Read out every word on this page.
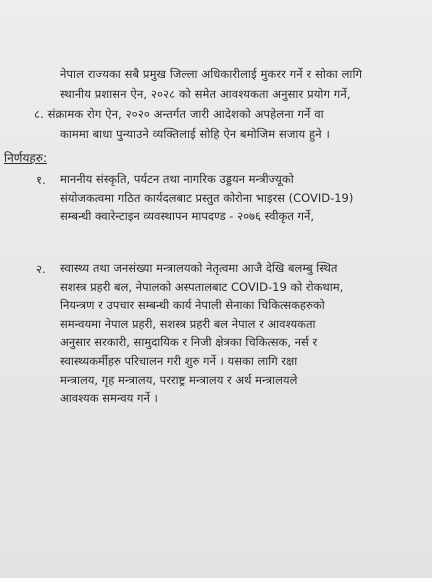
नेपाल राज्यका सबै प्रमुख जिल्ला अधिकारीलाई मुकरर गर्ने र सोका लागि
स्थानीय प्रशासन ऐन, २०२८ को समेत आवश्यकता अनुसार प्रयोग गर्ने,
८. संक्रामक रोग ऐन, २०२० अन्तर्गत जारी आदेशको अपहेलना गर्ने वा
काममा बाधा पुन्याउने व्यक्तिलाई सोहि ऐन बमोजिम सजाय हुने ।
निर्णयहरु:
१. माननीय संस्कृति, पर्यटन तथा नागरिक उड्डयन मन्त्रीज्यूको
संयोजकत्वमा गठित कार्यदलबाट प्रस्तुत कोरोना भाइरस (COVID-19)
सम्बन्धी क्वारेन्टाइन व्यवस्थापन मापदण्ड - २०७६ स्वीकृत गर्ने,
२. स्वास्थ्य तथा जनसंख्या मन्त्रालयको नेतृत्वमा आजै देखि बलम्बु स्थित
सशस्त्र प्रहरी बल, नेपालको अस्पतालबाट COVID-19 को रोकथाम,
नियन्त्रण र उपचार सम्बन्धी कार्य नेपाली सेनाका चिकित्सकहरुको
समन्वयमा नेपाल प्रहरी, सशस्त्र प्रहरी बल नेपाल र आवश्यकता
अनुसार सरकारी, सामुदायिक र निजी क्षेत्रका चिकित्सक, नर्स र
स्वास्थ्यकर्मीहरु परिचालन गरी शुरु गर्ने । यसका लागि रक्षा
मन्त्रालय, गृह मन्त्रालय, परराष्ट्र मन्त्रालय र अर्थ मन्त्रालयले
आवश्यक समन्वय गर्ने ।
